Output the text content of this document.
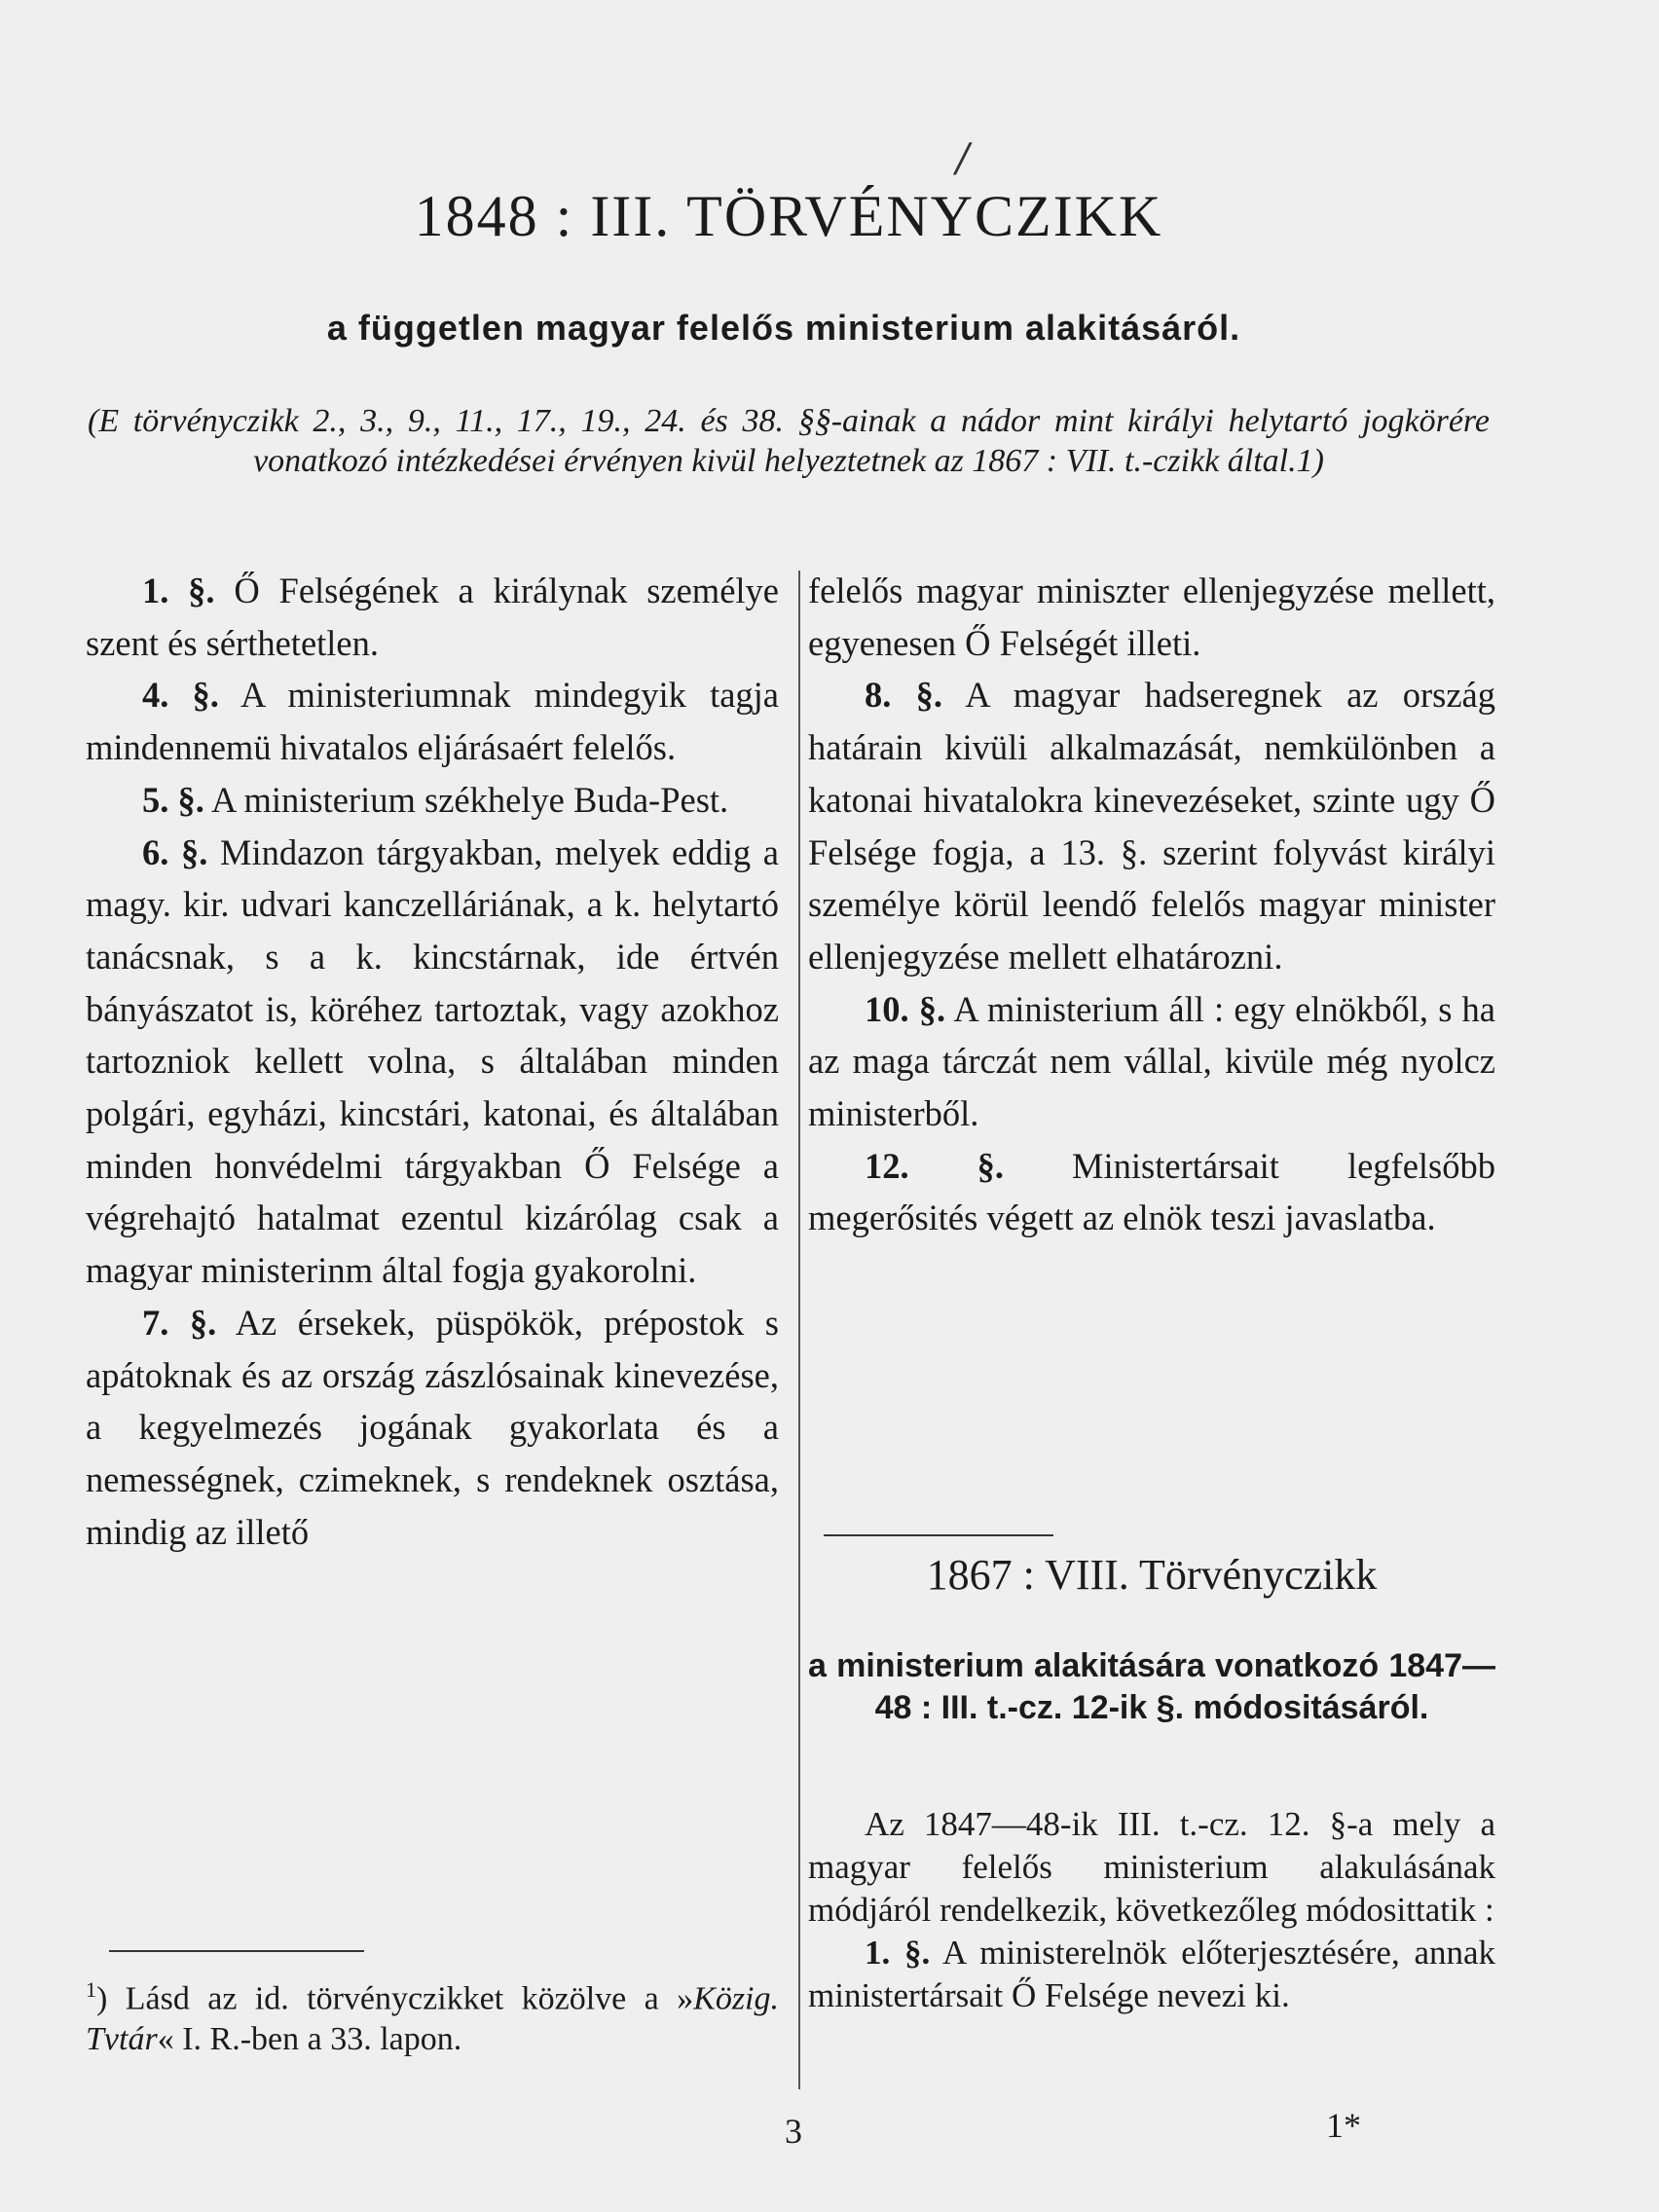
/
1848 : III. TÖRVÉNYCZIKK
a független magyar felelős ministerium alakitásáról.
(E törvényczikk 2., 3., 9., 11., 17., 19., 24. és 38. §§-ainak a nádor mint királyi helytartó jogkörére vonatkozó intézkedései érvényen kivül helyeztetnek az 1867 : VII. t.-czikk által.1)

1. §. Ő Felségének a királynak személye szent és sérthetetlen.

4. §. A ministeriumnak mindegyik tagja mindennemü hivatalos eljárásaért felelős.

5. §. A ministerium székhelye Buda-Pest.

6. §. Mindazon tárgyakban, melyek eddig a magy. kir. udvari kanczelláriának, a k. helytartó tanácsnak, s a k. kincstárnak, ide értvén bányászatot is, köréhez tartoztak, vagy azokhoz tartozniok kellett volna, s általában minden polgári, egyházi, kincstári, katonai, és általában minden honvédelmi tárgyakban Ő Felsége a végrehajtó hatalmat ezentul kizárólag csak a magyar ministerinm által fogja gyakorolni.

7. §. Az érsekek, püspökök, prépostok s apátoknak és az ország zászlósainak kinevezése, a kegyelmezés jogának gyakorlata és a nemességnek, czimeknek, s rendeknek osztása, mindig az illető

$^1$) Lásd az id. törvényczikket közölve a »Közig. Tvtár« I. R.-ben a 33. lapon.

felelős magyar miniszter ellenjegyzése mellett, egyenesen Ő Felségét illeti.

8. §. A magyar hadseregnek az ország határain kivüli alkalmazását, nemkülönben a katonai hivatalokra kinevezéseket, szinte ugy Ő Felsége fogja, a 13. §. szerint folyvást királyi személye körül leendő felelős magyar minister ellenjegyzése mellett elhatározni.

10. §. A ministerium áll : egy elnökből, s ha az maga tárczát nem vállal, kivüle még nyolcz ministerből.

12. §. Ministertársait legfelsőbb megerősités végett az elnök teszi javaslatba.

1867 : VIII. Törvényczikk
a ministerium alakitására vonatkozó 1847—48 : III. t.-cz. 12-ik §. módositásáról.

Az 1847—48-ik III. t.-cz. 12. §-a mely a magyar felelős ministerium alakulásának módjáról rendelkezik, következőleg módosittatik :

1. §. A ministerelnök előterjesztésére, annak ministertársait Ő Felsége nevezi ki.

3	1*
